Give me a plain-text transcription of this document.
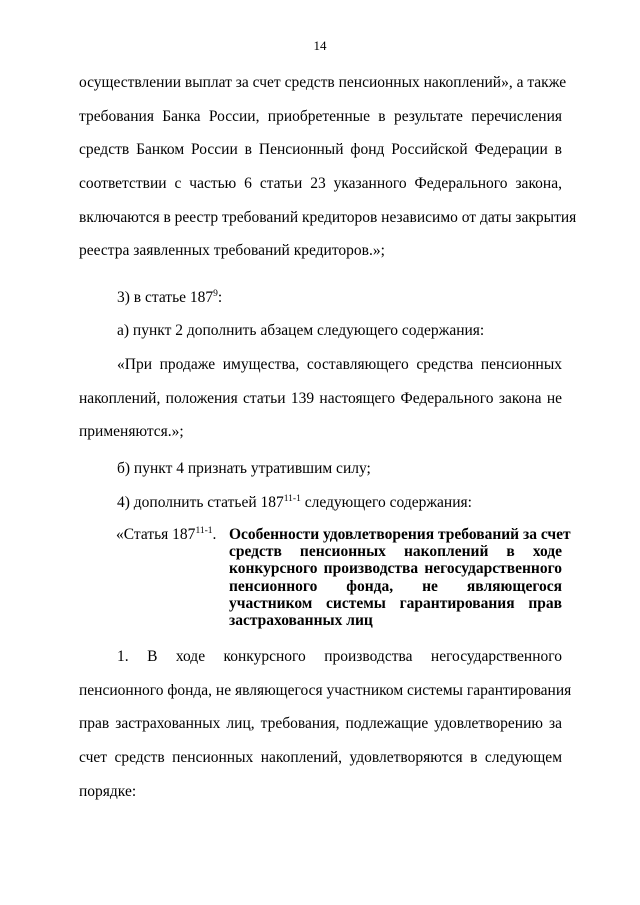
14
осуществлении выплат за счет средств пенсионных накоплений», а также
требования Банка России, приобретенные в результате перечисления
средств Банком России в Пенсионный фонд Российской Федерации в
соответствии с частью 6 статьи 23 указанного Федерального закона,
включаются в реестр требований кредиторов независимо от даты закрытия
реестра заявленных требований кредиторов.»;
3) в статье $187^9$:
а) пункт 2 дополнить абзацем следующего содержания:
«При продаже имущества, составляющего средства пенсионных
накоплений, положения статьи 139 настоящего Федерального закона не
применяются.»;
б) пункт 4 признать утратившим силу;
4) дополнить статьей 187$^{11-1}$ следующего содержания:
«Статья 187$^{11-1}$. Особенности удовлетворения требований за счет
средств пенсионных накоплений в ходе
конкурсного производства негосударственного
пенсионного фонда, не являющегося
участником системы гарантирования прав
застрахованных лиц
1. В ходе конкурсного производства негосударственного
пенсионного фонда, не являющегося участником системы гарантирования
прав застрахованных лиц, требования, подлежащие удовлетворению за
счет средств пенсионных накоплений, удовлетворяются в следующем
порядке:
